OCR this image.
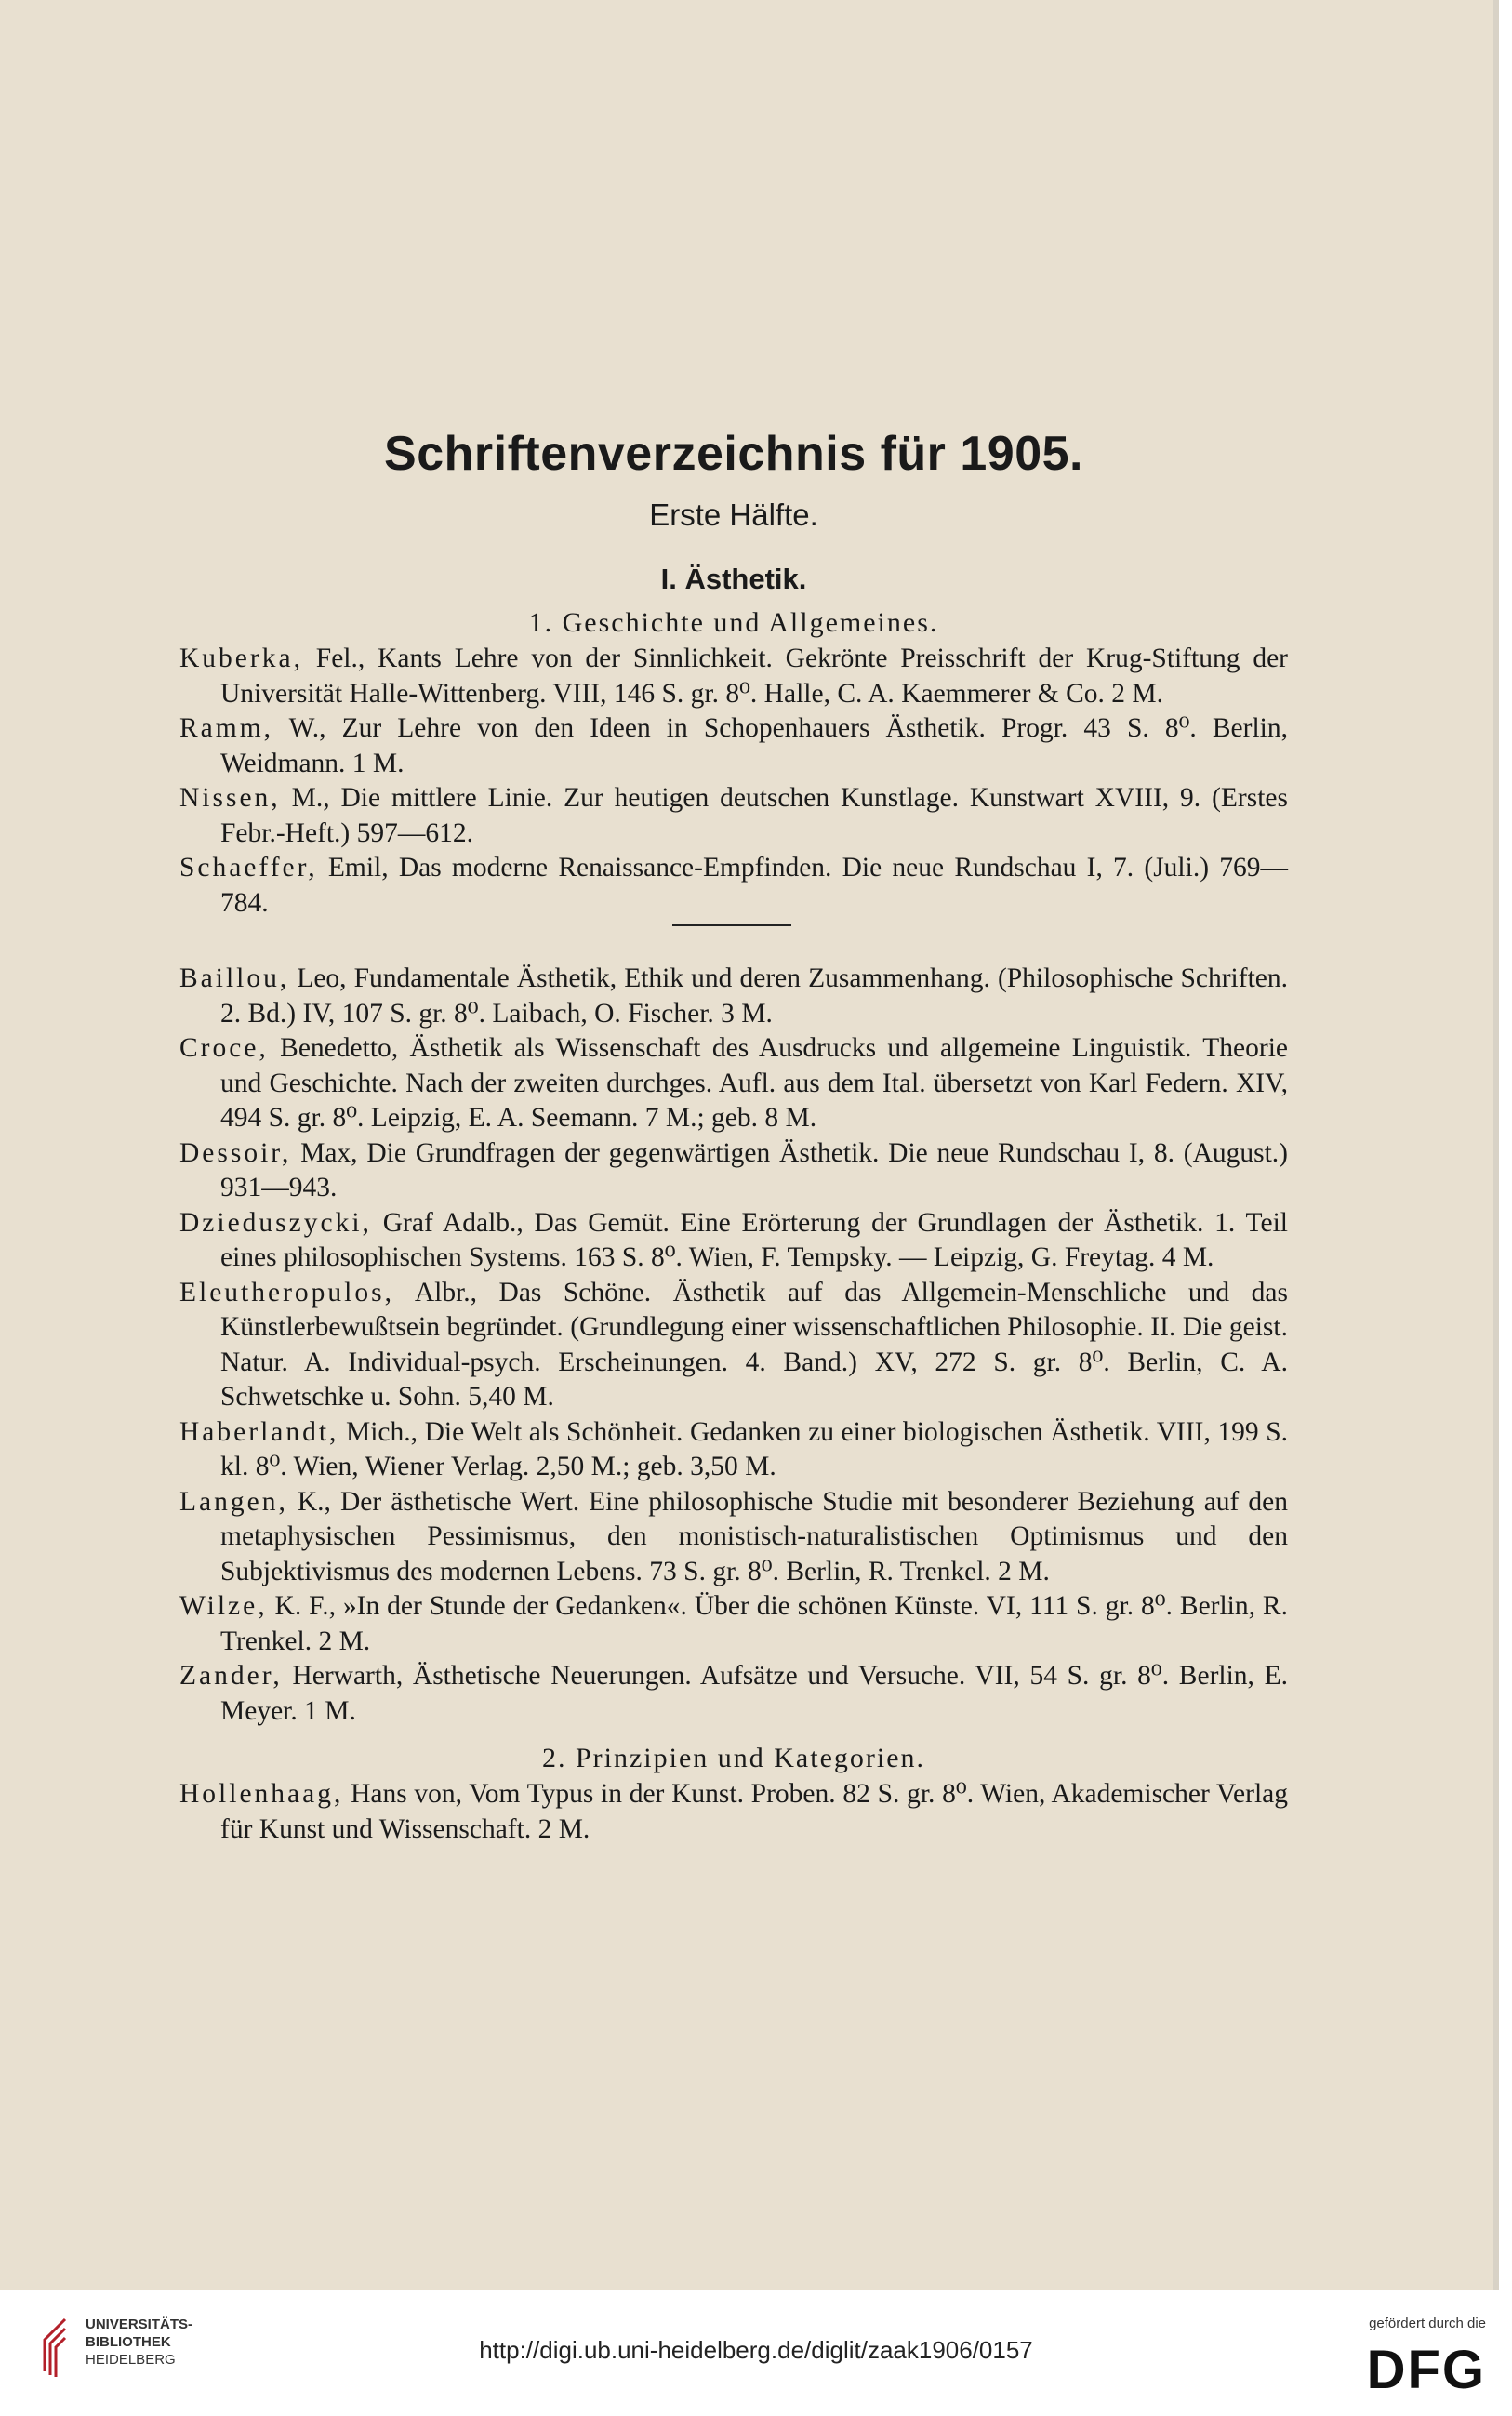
Schriftenverzeichnis für 1905.
Erste Hälfte.
I. Ästhetik.

1. Geschichte und Allgemeines.

Kuberka, Fel., Kants Lehre von der Sinnlichkeit. Gekrönte Preisschrift der Krug-Stiftung der Universität Halle-Wittenberg. VIII, 146 S. gr. 8⁰. Halle, C. A. Kaemmerer & Co. 2 M.

Ramm, W., Zur Lehre von den Ideen in Schopenhauers Ästhetik. Progr. 43 S. 8⁰. Berlin, Weidmann. 1 M.

Nissen, M., Die mittlere Linie. Zur heutigen deutschen Kunstlage. Kunstwart XVIII, 9. (Erstes Febr.-Heft.) 597—612.

Schaeffer, Emil, Das moderne Renaissance-Empfinden. Die neue Rundschau I, 7. (Juli.) 769—784.

Baillou, Leo, Fundamentale Ästhetik, Ethik und deren Zusammenhang. (Philosophische Schriften. 2. Bd.) IV, 107 S. gr. 8⁰. Laibach, O. Fischer. 3 M.

Croce, Benedetto, Ästhetik als Wissenschaft des Ausdrucks und allgemeine Linguistik. Theorie und Geschichte. Nach der zweiten durchges. Aufl. aus dem Ital. übersetzt von Karl Federn. XIV, 494 S. gr. 8⁰. Leipzig, E. A. Seemann. 7 M.; geb. 8 M.

Dessoir, Max, Die Grundfragen der gegenwärtigen Ästhetik. Die neue Rundschau I, 8. (August.) 931—943.

Dzieduszycki, Graf Adalb., Das Gemüt. Eine Erörterung der Grundlagen der Ästhetik. 1. Teil eines philosophischen Systems. 163 S. 8⁰. Wien, F. Tempsky. — Leipzig, G. Freytag. 4 M.

Eleutheropulos, Albr., Das Schöne. Ästhetik auf das Allgemein-Menschliche und das Künstlerbewußtsein begründet. (Grundlegung einer wissenschaftlichen Philosophie. II. Die geist. Natur. A. Individual-psych. Erscheinungen. 4. Band.) XV, 272 S. gr. 8⁰. Berlin, C. A. Schwetschke u. Sohn. 5,40 M.

Haberlandt, Mich., Die Welt als Schönheit. Gedanken zu einer biologischen Ästhetik. VIII, 199 S. kl. 8⁰. Wien, Wiener Verlag. 2,50 M.; geb. 3,50 M.

Langen, K., Der ästhetische Wert. Eine philosophische Studie mit besonderer Beziehung auf den metaphysischen Pessimismus, den monistisch-naturalistischen Optimismus und den Subjektivismus des modernen Lebens. 73 S. gr. 8⁰. Berlin, R. Trenkel. 2 M.

Wilze, K. F., »In der Stunde der Gedanken«. Über die schönen Künste. VI, 111 S. gr. 8⁰. Berlin, R. Trenkel. 2 M.

Zander, Herwarth, Ästhetische Neuerungen. Aufsätze und Versuche. VII, 54 S. gr. 8⁰. Berlin, E. Meyer. 1 M.

2. Prinzipien und Kategorien.

Hollenhaag, Hans von, Vom Typus in der Kunst. Proben. 82 S. gr. 8⁰. Wien, Akademischer Verlag für Kunst und Wissenschaft. 2 M.

UNIVERSITÄTS-
BIBLIOTHEK
HEIDELBERG	http://digi.ub.uni-heidelberg.de/diglit/zaak1906/0157
gefördert durch die
DFG
